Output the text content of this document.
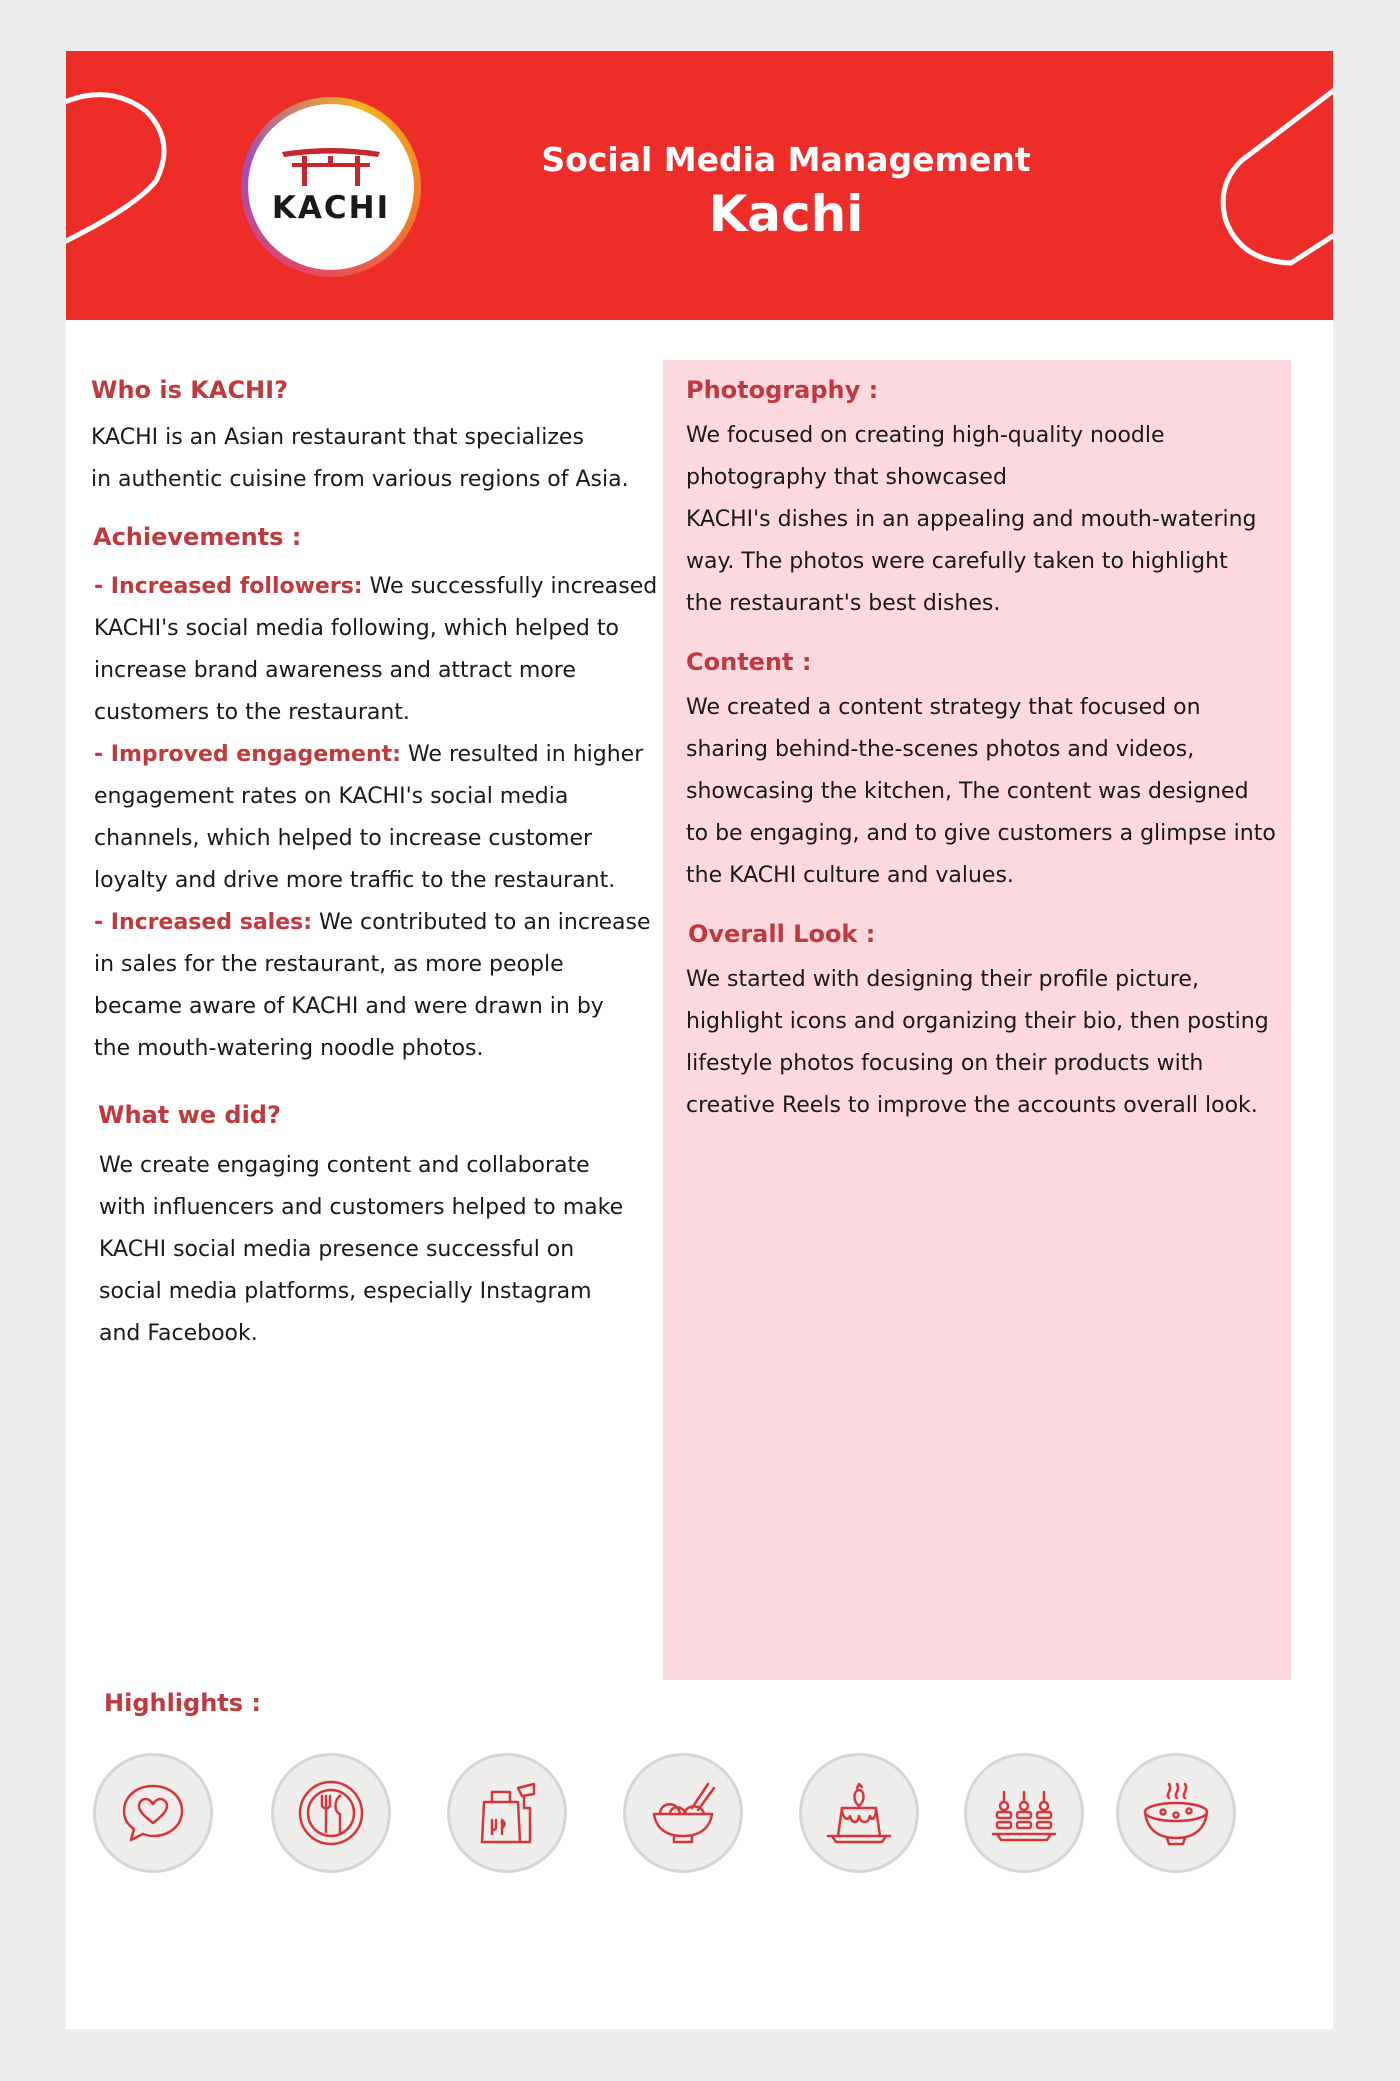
KACHI
Social Media Management
Kachi
Who is KACHI?
KACHI is an Asian restaurant that specializes
in authentic cuisine from various regions of Asia.
Achievements :
- Increased followers: We successfully increased
KACHI's social media following, which helped to
increase brand awareness and attract more
customers to the restaurant.
- Improved engagement: We resulted in higher
engagement rates on KACHI's social media
channels, which helped to increase customer
loyalty and drive more traffic to the restaurant.
- Increased sales: We contributed to an increase
in sales for the restaurant, as more people
became aware of KACHI and were drawn in by
the mouth-watering noodle photos.
What we did?
We create engaging content and collaborate
with influencers and customers helped to make
KACHI social media presence successful on
social media platforms, especially Instagram
and Facebook.
Photography :
We focused on creating high-quality noodle
photography that showcased
KACHI's dishes in an appealing and mouth-watering
way. The photos were carefully taken to highlight
the restaurant's best dishes.
Content :
We created a content strategy that focused on
sharing behind-the-scenes photos and videos,
showcasing the kitchen, The content was designed
to be engaging, and to give customers a glimpse into
the KACHI culture and values.
Overall Look :
We started with designing their profile picture,
highlight icons and organizing their bio, then posting
lifestyle photos focusing on their products with
creative Reels to improve the accounts overall look.
Highlights :
